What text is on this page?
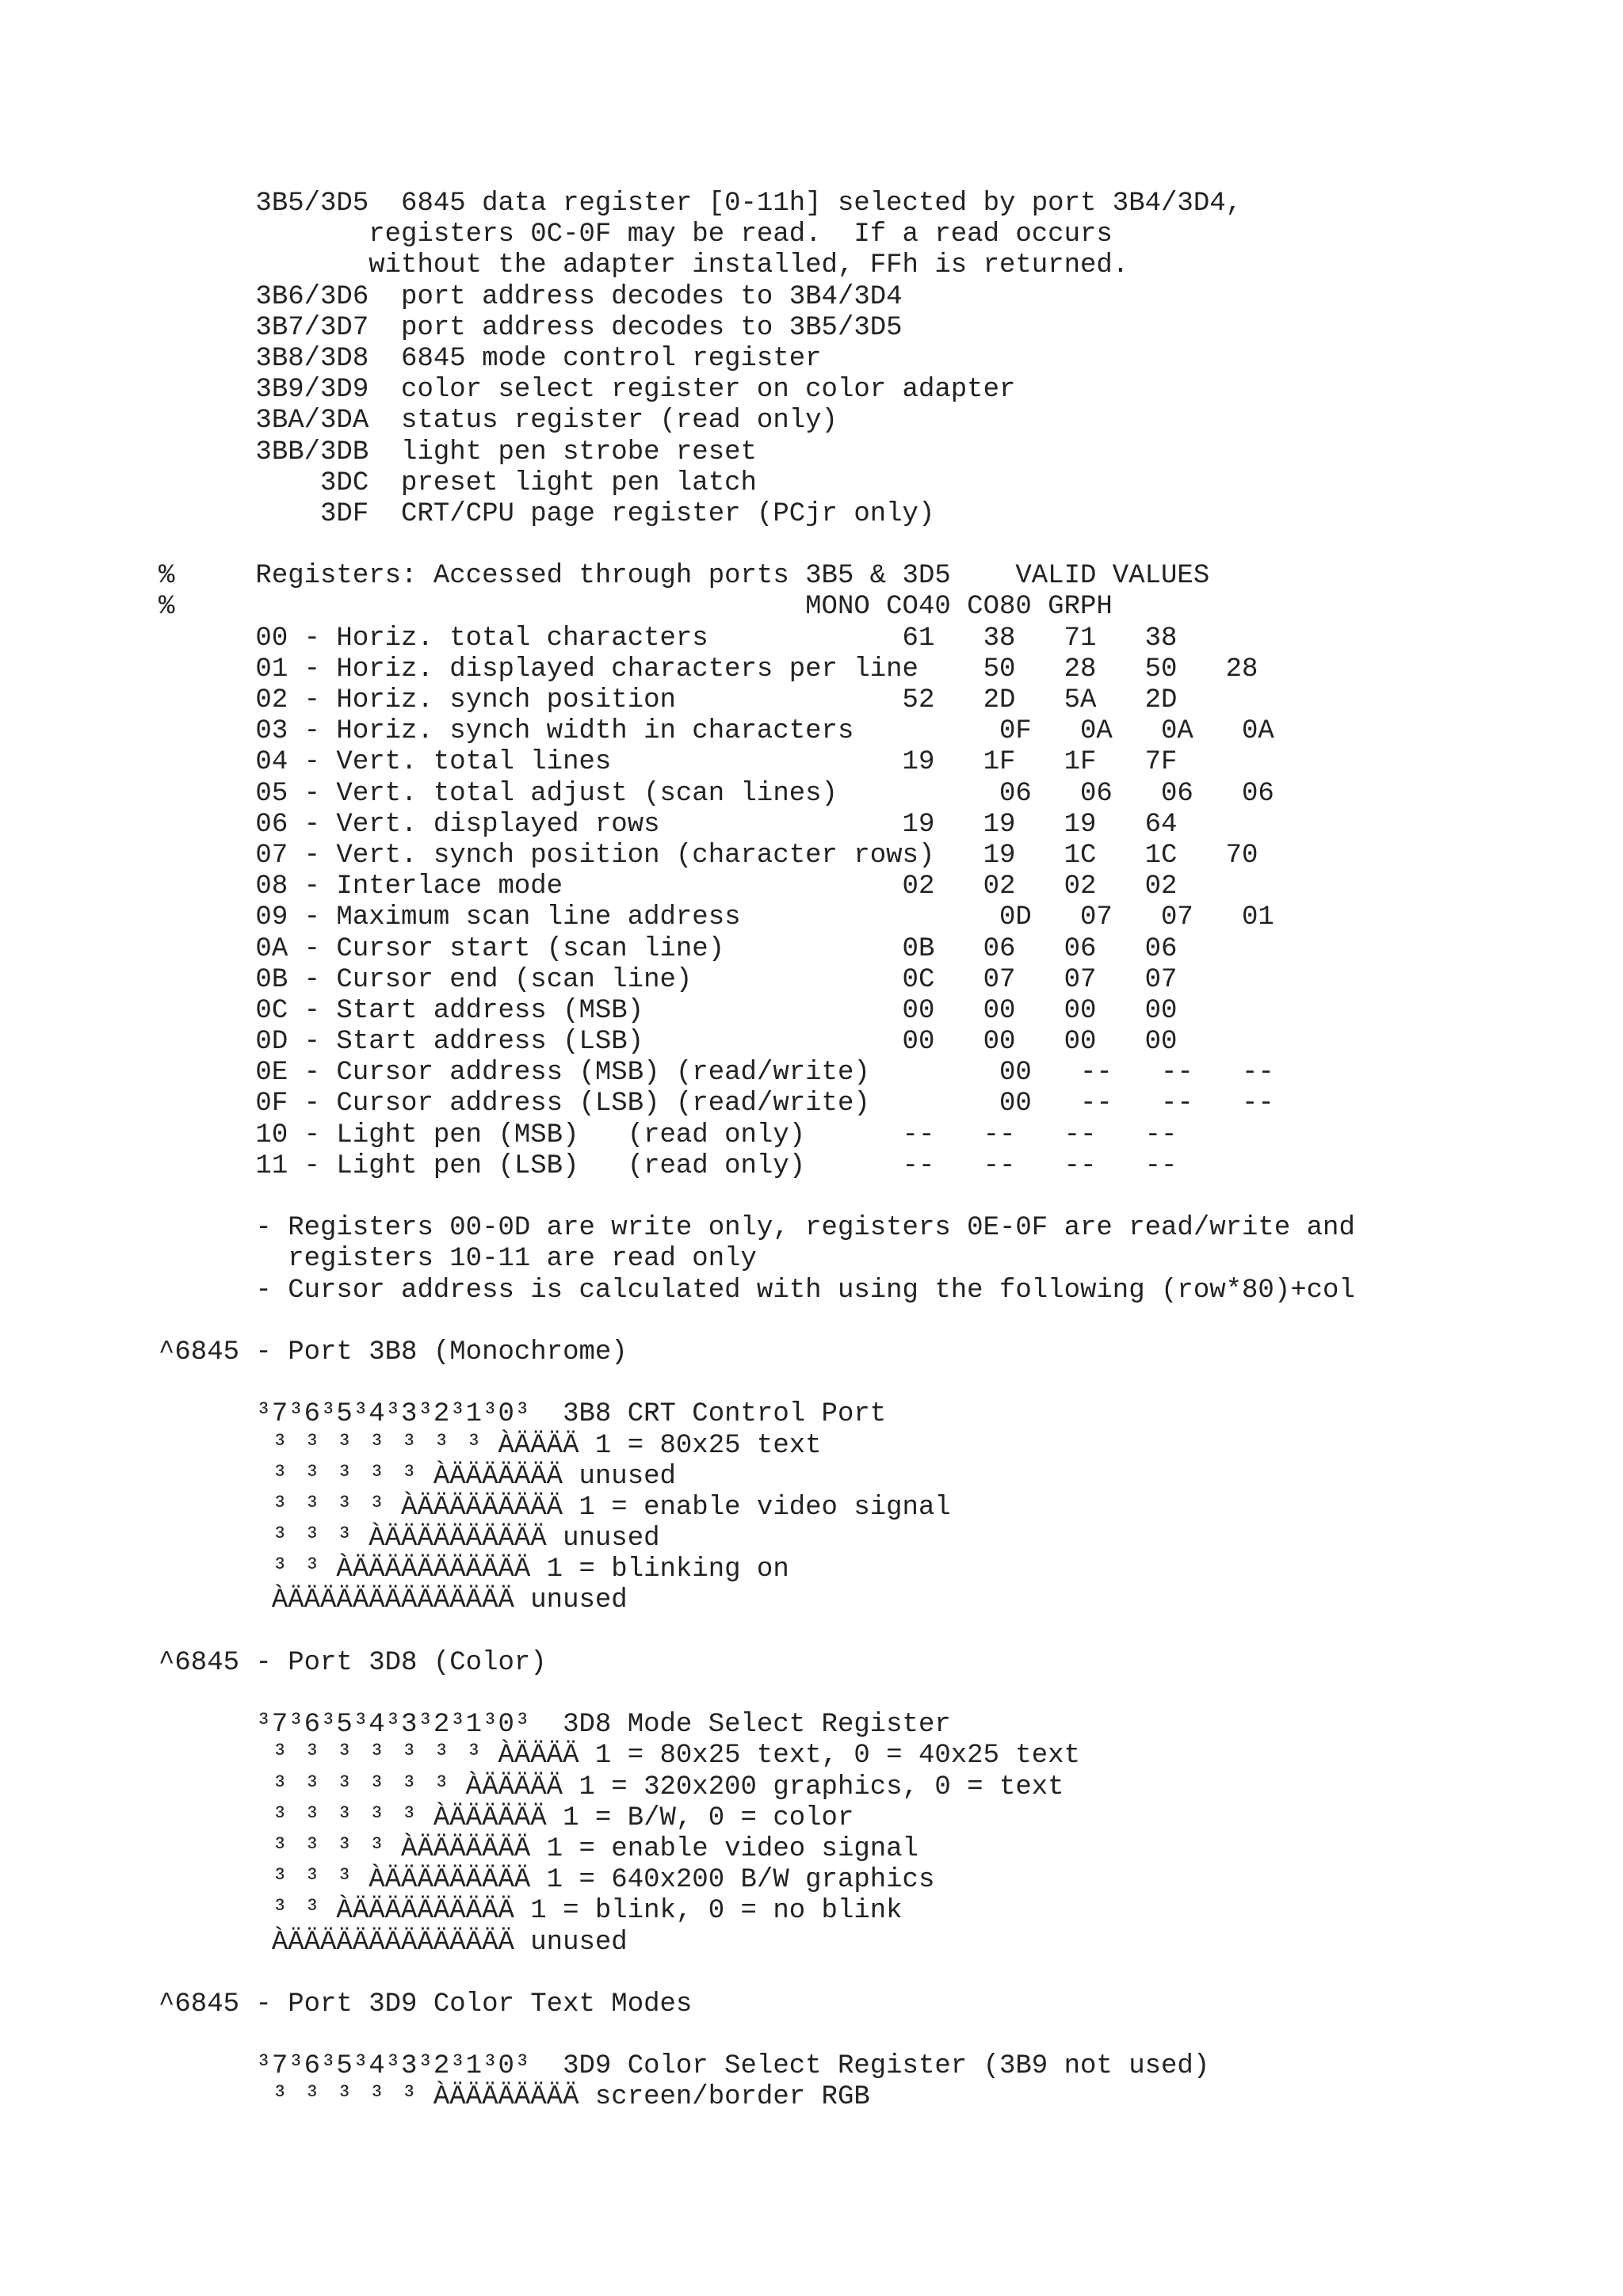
3B5/3D5  6845 data register [0-11h] selected by port 3B4/3D4,
registers 0C-0F may be read.  If a read occurs
without the adapter installed, FFh is returned.
3B6/3D6  port address decodes to 3B4/3D4
3B7/3D7  port address decodes to 3B5/3D5
3B8/3D8  6845 mode control register
3B9/3D9  color select register on color adapter
3BA/3DA  status register (read only)
3BB/3DB  light pen strobe reset
3DC  preset light pen latch
3DF  CRT/CPU page register (PCjr only)
%     Registers: Accessed through ports 3B5 & 3D5    VALID VALUES
%                                       MONO CO40 CO80 GRPH
00 - Horiz. total characters            61   38   71   38
01 - Horiz. displayed characters per line    50   28   50   28
02 - Horiz. synch position              52   2D   5A   2D
03 - Horiz. synch width in characters         0F   0A   0A   0A
04 - Vert. total lines                  19   1F   1F   7F
05 - Vert. total adjust (scan lines)          06   06   06   06
06 - Vert. displayed rows               19   19   19   64
07 - Vert. synch position (character rows)   19   1C   1C   70
08 - Interlace mode                     02   02   02   02
09 - Maximum scan line address                0D   07   07   01
0A - Cursor start (scan line)           0B   06   06   06
0B - Cursor end (scan line)             0C   07   07   07
0C - Start address (MSB)                00   00   00   00
0D - Start address (LSB)                00   00   00   00
0E - Cursor address (MSB) (read/write)        00   --   --   --
0F - Cursor address (LSB) (read/write)        00   --   --   --
10 - Light pen (MSB)   (read only)      --   --   --   --
11 - Light pen (LSB)   (read only)      --   --   --   --
- Registers 00-0D are write only, registers 0E-0F are read/write and
registers 10-11 are read only
- Cursor address is calculated with using the following (row*80)+col
^6845 - Port 3B8 (Monochrome)
³7³6³5³4³3³2³1³0³  3B8 CRT Control Port
³ ³ ³ ³ ³ ³ ³ ÀÄÄÄÄ 1 = 80x25 text
³ ³ ³ ³ ³ ÀÄÄÄÄÄÄÄ unused
³ ³ ³ ³ ÀÄÄÄÄÄÄÄÄÄ 1 = enable video signal
³ ³ ³ ÀÄÄÄÄÄÄÄÄÄÄ unused
³ ³ ÀÄÄÄÄÄÄÄÄÄÄÄ 1 = blinking on
ÀÄÄÄÄÄÄÄÄÄÄÄÄÄÄ unused
^6845 - Port 3D8 (Color)
³7³6³5³4³3³2³1³0³  3D8 Mode Select Register
³ ³ ³ ³ ³ ³ ³ ÀÄÄÄÄ 1 = 80x25 text, 0 = 40x25 text
³ ³ ³ ³ ³ ³ ÀÄÄÄÄÄ 1 = 320x200 graphics, 0 = text
³ ³ ³ ³ ³ ÀÄÄÄÄÄÄ 1 = B/W, 0 = color
³ ³ ³ ³ ÀÄÄÄÄÄÄÄ 1 = enable video signal
³ ³ ³ ÀÄÄÄÄÄÄÄÄÄ 1 = 640x200 B/W graphics
³ ³ ÀÄÄÄÄÄÄÄÄÄÄ 1 = blink, 0 = no blink
ÀÄÄÄÄÄÄÄÄÄÄÄÄÄÄ unused
^6845 - Port 3D9 Color Text Modes
³7³6³5³4³3³2³1³0³  3D9 Color Select Register (3B9 not used)
³ ³ ³ ³ ³ ÀÄÄÄÄÄÄÄÄ screen/border RGB
